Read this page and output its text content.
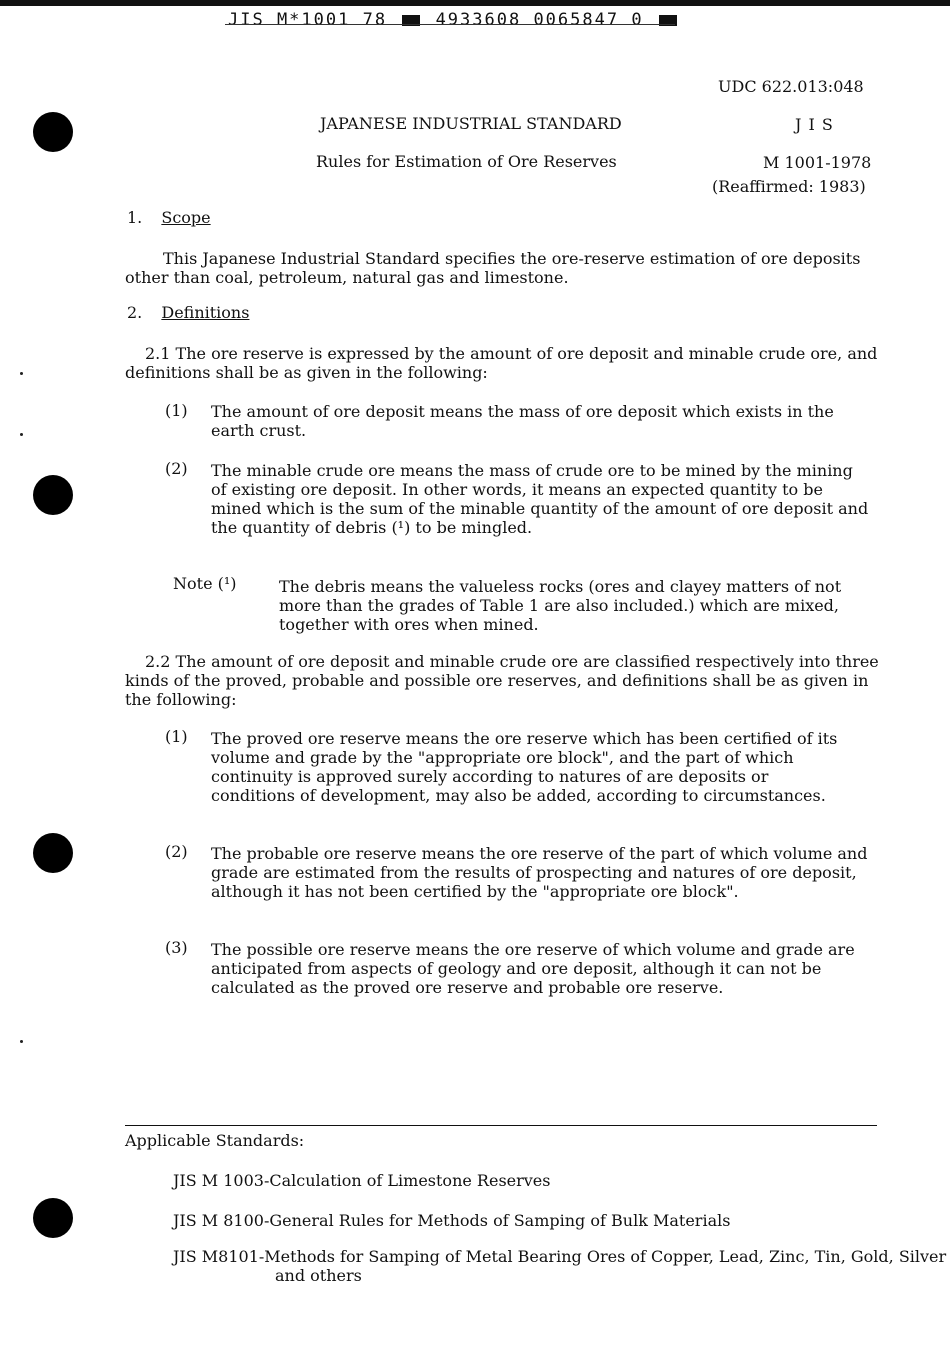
JIS M*1001 78	4933608 0065847 0
UDC 622.013:048
JAPANESE INDUSTRIAL STANDARD	J I S
Rules for Estimation of Ore Reserves	M 1001-1978
(Reaffirmed: 1983)
1. Scope
This Japanese Industrial Standard specifies the ore-reserve estimation of ore deposits other than coal, petroleum, natural gas and limestone.
2. Definitions
2.1 The ore reserve is expressed by the amount of ore deposit and minable crude ore, and definitions shall be as given in the following:
(1) The amount of ore deposit means the mass of ore deposit which exists in the earth crust.
(2) The minable crude ore means the mass of crude ore to be mined by the mining of existing ore deposit. In other words, it means an expected quantity to be mined which is the sum of the minable quantity of the amount of ore deposit and the quantity of debris (¹) to be mingled.
Note (¹)	The debris means the valueless rocks (ores and clayey matters of not more than the grades of Table 1 are also included.) which are mixed, together with ores when mined.
2.2 The amount of ore deposit and minable crude ore are classified respectively into three kinds of the proved, probable and possible ore reserves, and definitions shall be as given in the following:
(1) The proved ore reserve means the ore reserve which has been certified of its volume and grade by the "appropriate ore block", and the part of which continuity is approved surely according to natures of are deposits or conditions of development, may also be added, according to circumstances.
(2) The probable ore reserve means the ore reserve of the part of which volume and grade are estimated from the results of prospecting and natures of ore deposit, although it has not been certified by the "appropriate ore block".
(3) The possible ore reserve means the ore reserve of which volume and grade are anticipated from aspects of geology and ore deposit, although it can not be calculated as the proved ore reserve and probable ore reserve.
Applicable Standards:
JIS M 1003-Calculation of Limestone Reserves
JIS M 8100-General Rules for Methods of Samping of Bulk Materials
JIS M8101-Methods for Samping of Metal Bearing Ores of Copper, Lead, Zinc, Tin, Gold, Silver and others
